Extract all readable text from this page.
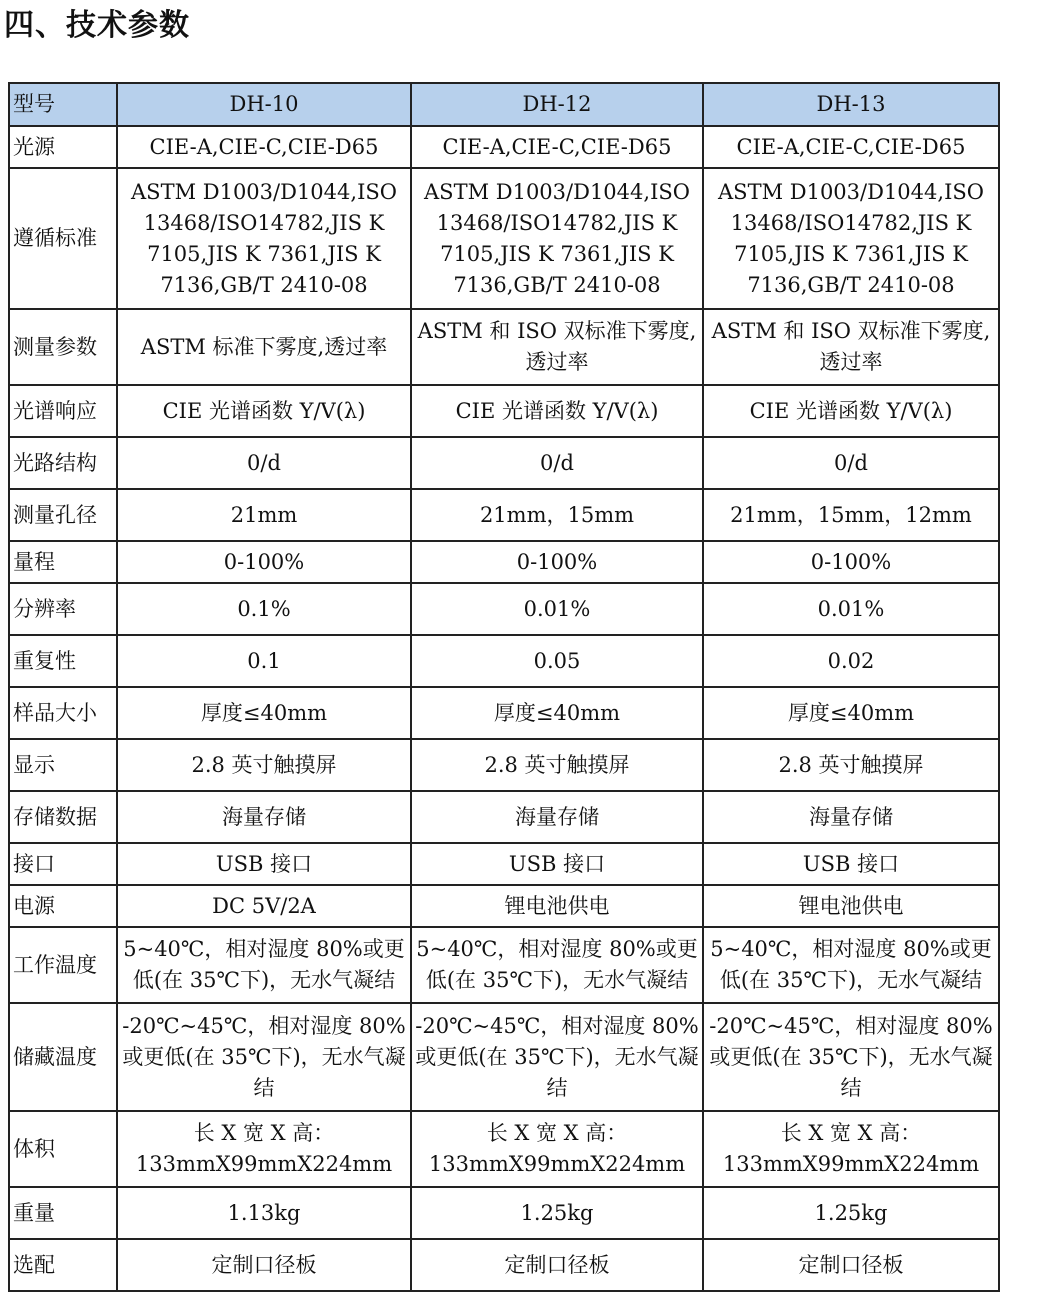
四、技术参数
型号	DH-10	DH-12	DH-13
光源	CIE-A,CIE-C,CIE-D65	CIE-A,CIE-C,CIE-D65	CIE-A,CIE-C,CIE-D65
遵循标准	ASTM D1003/D1044,ISO 13468/ISO14782,JIS K 7105,JIS K 7361,JIS K 7136,GB/T 2410-08	ASTM D1003/D1044,ISO 13468/ISO14782,JIS K 7105,JIS K 7361,JIS K 7136,GB/T 2410-08	ASTM D1003/D1044,ISO 13468/ISO14782,JIS K 7105,JIS K 7361,JIS K 7136,GB/T 2410-08
测量参数	ASTM 标准下雾度,透过率	ASTM 和 ISO 双标准下雾度,透过率	ASTM 和 ISO 双标准下雾度,透过率
光谱响应	CIE 光谱函数 Y/V(λ)	CIE 光谱函数 Y/V(λ)	CIE 光谱函数 Y/V(λ)
光路结构	0/d	0/d	0/d
测量孔径	21mm	21mm，15mm	21mm，15mm，12mm
量程	0-100%	0-100%	0-100%
分辨率	0.1%	0.01%	0.01%
重复性	0.1	0.05	0.02
样品大小	厚度≤40mm	厚度≤40mm	厚度≤40mm
显示	2.8 英寸触摸屏	2.8 英寸触摸屏	2.8 英寸触摸屏
存储数据	海量存储	海量存储	海量存储
接口	USB 接口	USB 接口	USB 接口
电源	DC 5V/2A	锂电池供电	锂电池供电
工作温度	5~40℃，相对湿度 80%或更低(在 35℃下)，无水气凝结	5~40℃，相对湿度 80%或更低(在 35℃下)，无水气凝结	5~40℃，相对湿度 80%或更低(在 35℃下)，无水气凝结
储藏温度	-20℃~45℃，相对湿度 80%或更低(在 35℃下)，无水气凝结	-20℃~45℃，相对湿度 80%或更低(在 35℃下)，无水气凝结	-20℃~45℃，相对湿度 80%或更低(在 35℃下)，无水气凝结
体积	长 X 宽 X 高：133mmX99mmX224mm	长 X 宽 X 高：133mmX99mmX224mm	长 X 宽 X 高：133mmX99mmX224mm
重量	1.13kg	1.25kg	1.25kg
选配	定制口径板	定制口径板	定制口径板
